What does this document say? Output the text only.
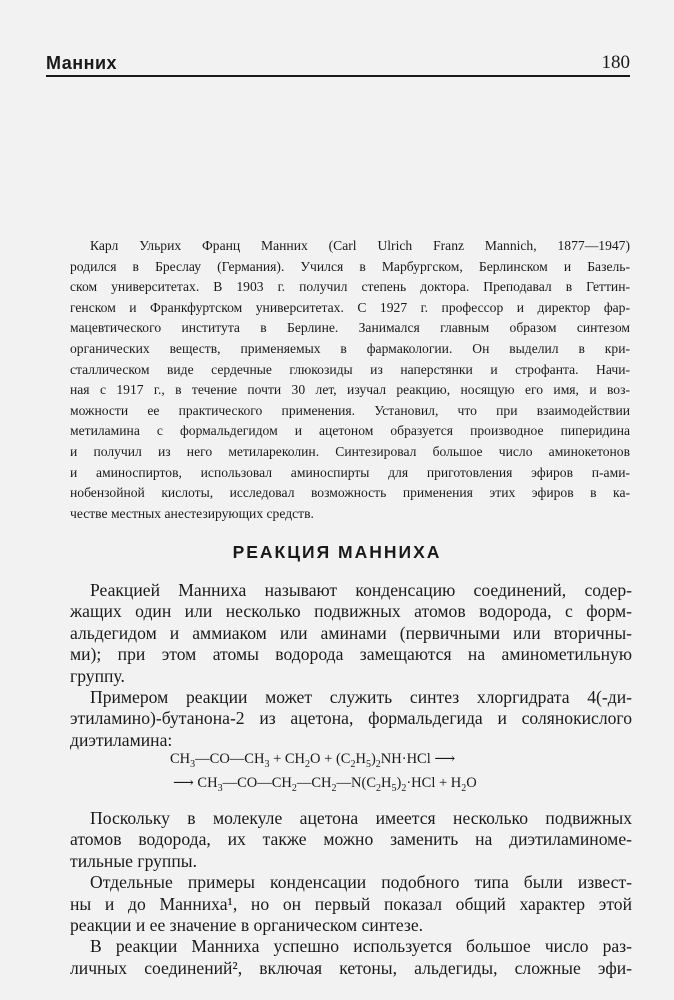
Манних	180
Карл Ульрих Франц Манних (Carl Ulrich Franz Mannich, 1877—1947)
родился в Бреслау (Германия). Учился в Марбургском, Берлинском и Базель-
ском университетах. В 1903 г. получил степень доктора. Преподавал в Геттин-
генском и Франкфуртском университетах. С 1927 г. профессор и директор фар-
мацевтического института в Берлине. Занимался главным образом синтезом
органических веществ, применяемых в фармакологии. Он выделил в кри-
сталлическом виде сердечные глюкозиды из наперстянки и строфанта. Начи-
ная с 1917 г., в течение почти 30 лет, изучал реакцию, носящую его имя, и воз-
можности ее практического применения. Установил, что при взаимодействии
метиламина с формальдегидом и ацетоном образуется производное пиперидина
и получил из него метилареколин. Синтезировал большое число аминокетонов
и аминоспиртов, использовал аминоспирты для приготовления эфиров п-ами-
нобензойной кислоты, исследовал возможность применения этих эфиров в ка-
честве местных анестезирующих средств.
РЕАКЦИЯ МАННИХА
Реакцией Манниха называют конденсацию соединений, содер-
жащих один или несколько подвижных атомов водорода, с форм-
альдегидом и аммиаком или аминами (первичными или вторичны-
ми); при этом атомы водорода замещаются на аминометильную
группу.
Примером реакции может служить синтез хлоргидрата 4(-ди-
этиламино)-бутанона-2 из ацетона, формальдегида и солянокислого
диэтиламина:
$CH_3—CO—CH_3 + CH_2O + (C_2H_5)_2NH\cdot HCl$ ⟶
⟶ $CH_3—CO—CH_2—CH_2—N(C_2H_5)_2\cdot HCl + H_2O$
Поскольку в молекуле ацетона имеется несколько подвижных
атомов водорода, их также можно заменить на диэтиламиноме-
тильные группы.
Отдельные примеры конденсации подобного типа были извест-
ны и до Манниха¹, но он первый показал общий характер этой
реакции и ее значение в органическом синтезе.
В реакции Манниха успешно используется большое число раз-
личных соединений², включая кетоны, альдегиды, сложные эфи-
